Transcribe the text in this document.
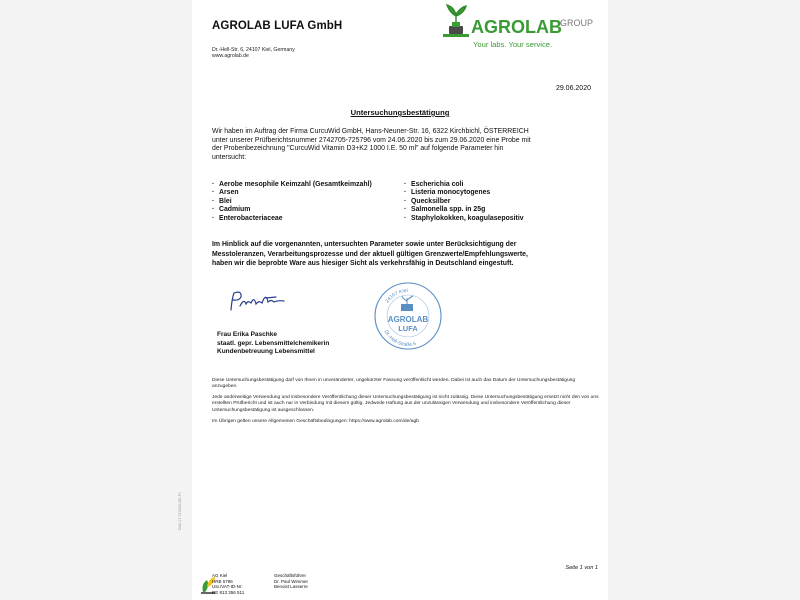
AGROLAB LUFA GmbH
Dr.-Hell-Str. 6, 24107 Kiel, Germany
www.agrolab.de
AGROLAB
GROUP
Your labs. Your service.
29.06.2020
Untersuchungsbestätigung
Wir haben im Auftrag der Firma CurcuWid GmbH, Hans-Neuner-Str. 16, 6322 Kirchbichl, ÖSTERREICH
unter unserer Prüfberichtsnummer 2742705-725796 vom 24.06.2020 bis zum 29.06.2020 eine Probe mit
der Probenbezeichnung "CurcuWid Vitamin D3+K2 1000 I.E. 50 ml" auf folgende Parameter hin
untersucht:
· Aerobe mesophile Keimzahl (Gesamtkeimzahl)
· Arsen
· Blei
· Cadmium
· Enterobacteriaceae
· Escherichia coli
· Listeria monocytogenes
· Quecksilber
· Salmonella spp. in 25g
· Staphylokokken, koagulasepositiv
Im Hinblick auf die vorgenannten, untersuchten Parameter sowie unter Berücksichtigung der
Messtoleranzen, Verarbeitungsprozesse und der aktuell gültigen Grenzwerte/Empfehlungswerte,
haben wir die beprobte Ware aus hiesiger Sicht als verkehrsfähig in Deutschland eingestuft.
24107 Kiel
AGROLAB
LUFA
Dr.-Hell-Straße 6
Frau Erika Paschke
staatl. gepr. Lebensmittelchemikerin
Kundenbetreuung Lebensmittel

Diese Untersuchungsbestätigung darf von Ihnen in unveränderter, ungekürzter Fassung veröffentlicht werden. Dabei ist auch das Datum der Untersuchungsbestätigung anzugeben.

Jede anderweitige Verwendung und insbesondere Veröffentlichung dieser Untersuchungsbestätigung ist nicht zulässig. Diese Untersuchungsbestätigung ersetzt nicht den von uns erstellten Prüfbericht und ist auch nur in Verbindung mit diesem gültig. Jedwede Haftung aus der unzulässigen Verwendung und insbesondere Veröffentlichung dieser Untersuchungsbestätigung ist ausgeschlossen.

Im Übrigen gelten unsere Allgemeinen Geschäftsbedingungen: https://www.agrolab.com/de/agb

DOC-17-7319390-DE-P1
Seite 1 von 1
AG Kiel
HRB 5796
Ust./VAT-ID-Nr:
DE 813 356 511
Geschäftsführer
Dr. Paul Wimmer
Benoist Lasserre
